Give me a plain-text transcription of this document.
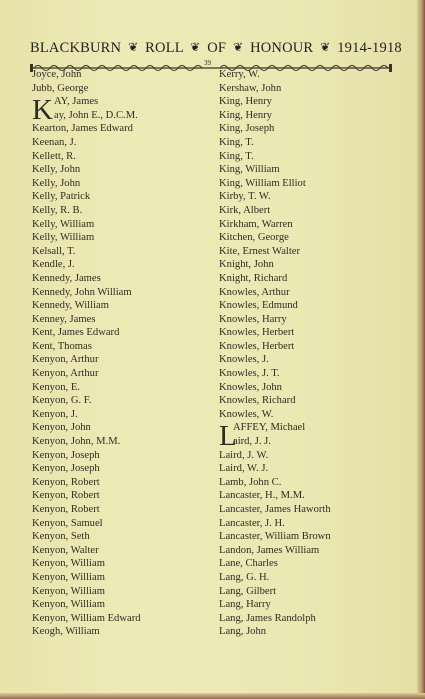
BLACKBURN ❦ ROLL ❦ OF ❦ HONOUR ❦ 1914-1918
39
Joyce, John
Jubb, George
K AY, James
ay, John E., D.C.M.
Kearton, James Edward
Keenan, J.
Kellett, R.
Kelly, John
Kelly, John
Kelly, Patrick
Kelly, R. B.
Kelly, William
Kelly, William
Kelsall, T.
Kendle, J.
Kennedy, James
Kennedy, John William
Kennedy, William
Kenney, James
Kent, James Edward
Kent, Thomas
Kenyon, Arthur
Kenyon, Arthur
Kenyon, E.
Kenyon, G. F.
Kenyon, J.
Kenyon, John
Kenyon, John, M.M.
Kenyon, Joseph
Kenyon, Joseph
Kenyon, Robert
Kenyon, Robert
Kenyon, Robert
Kenyon, Samuel
Kenyon, Seth
Kenyon, Walter
Kenyon, William
Kenyon, William
Kenyon, William
Kenyon, William
Kenyon, William Edward
Keogh, William
Kerry, W.
Kershaw, John
King, Henry
King, Henry
King, Joseph
King, T.
King, T.
King, William
King, William Elliot
Kirby, T. W.
Kirk, Albert
Kirkham, Warren
Kitchen, George
Kite, Ernest Walter
Knight, John
Knight, Richard
Knowles, Arthur
Knowles, Edmund
Knowles, Harry
Knowles, Herbert
Knowles, Herbert
Knowles, J.
Knowles, J. T.
Knowles, John
Knowles, Richard
Knowles, W.
L
AFFEY, Michael
aird, J. J.
Laird, J. W.
Laird, W. J.
Lamb, John C.
Lancaster, H., M.M.
Lancaster, James Haworth
Lancaster, J. H.
Lancaster, William Brown
Landon, James William
Lane, Charles
Lang, G. H.
Lang, Gilbert
Lang, Harry
Lang, James Randolph
Lang, John
